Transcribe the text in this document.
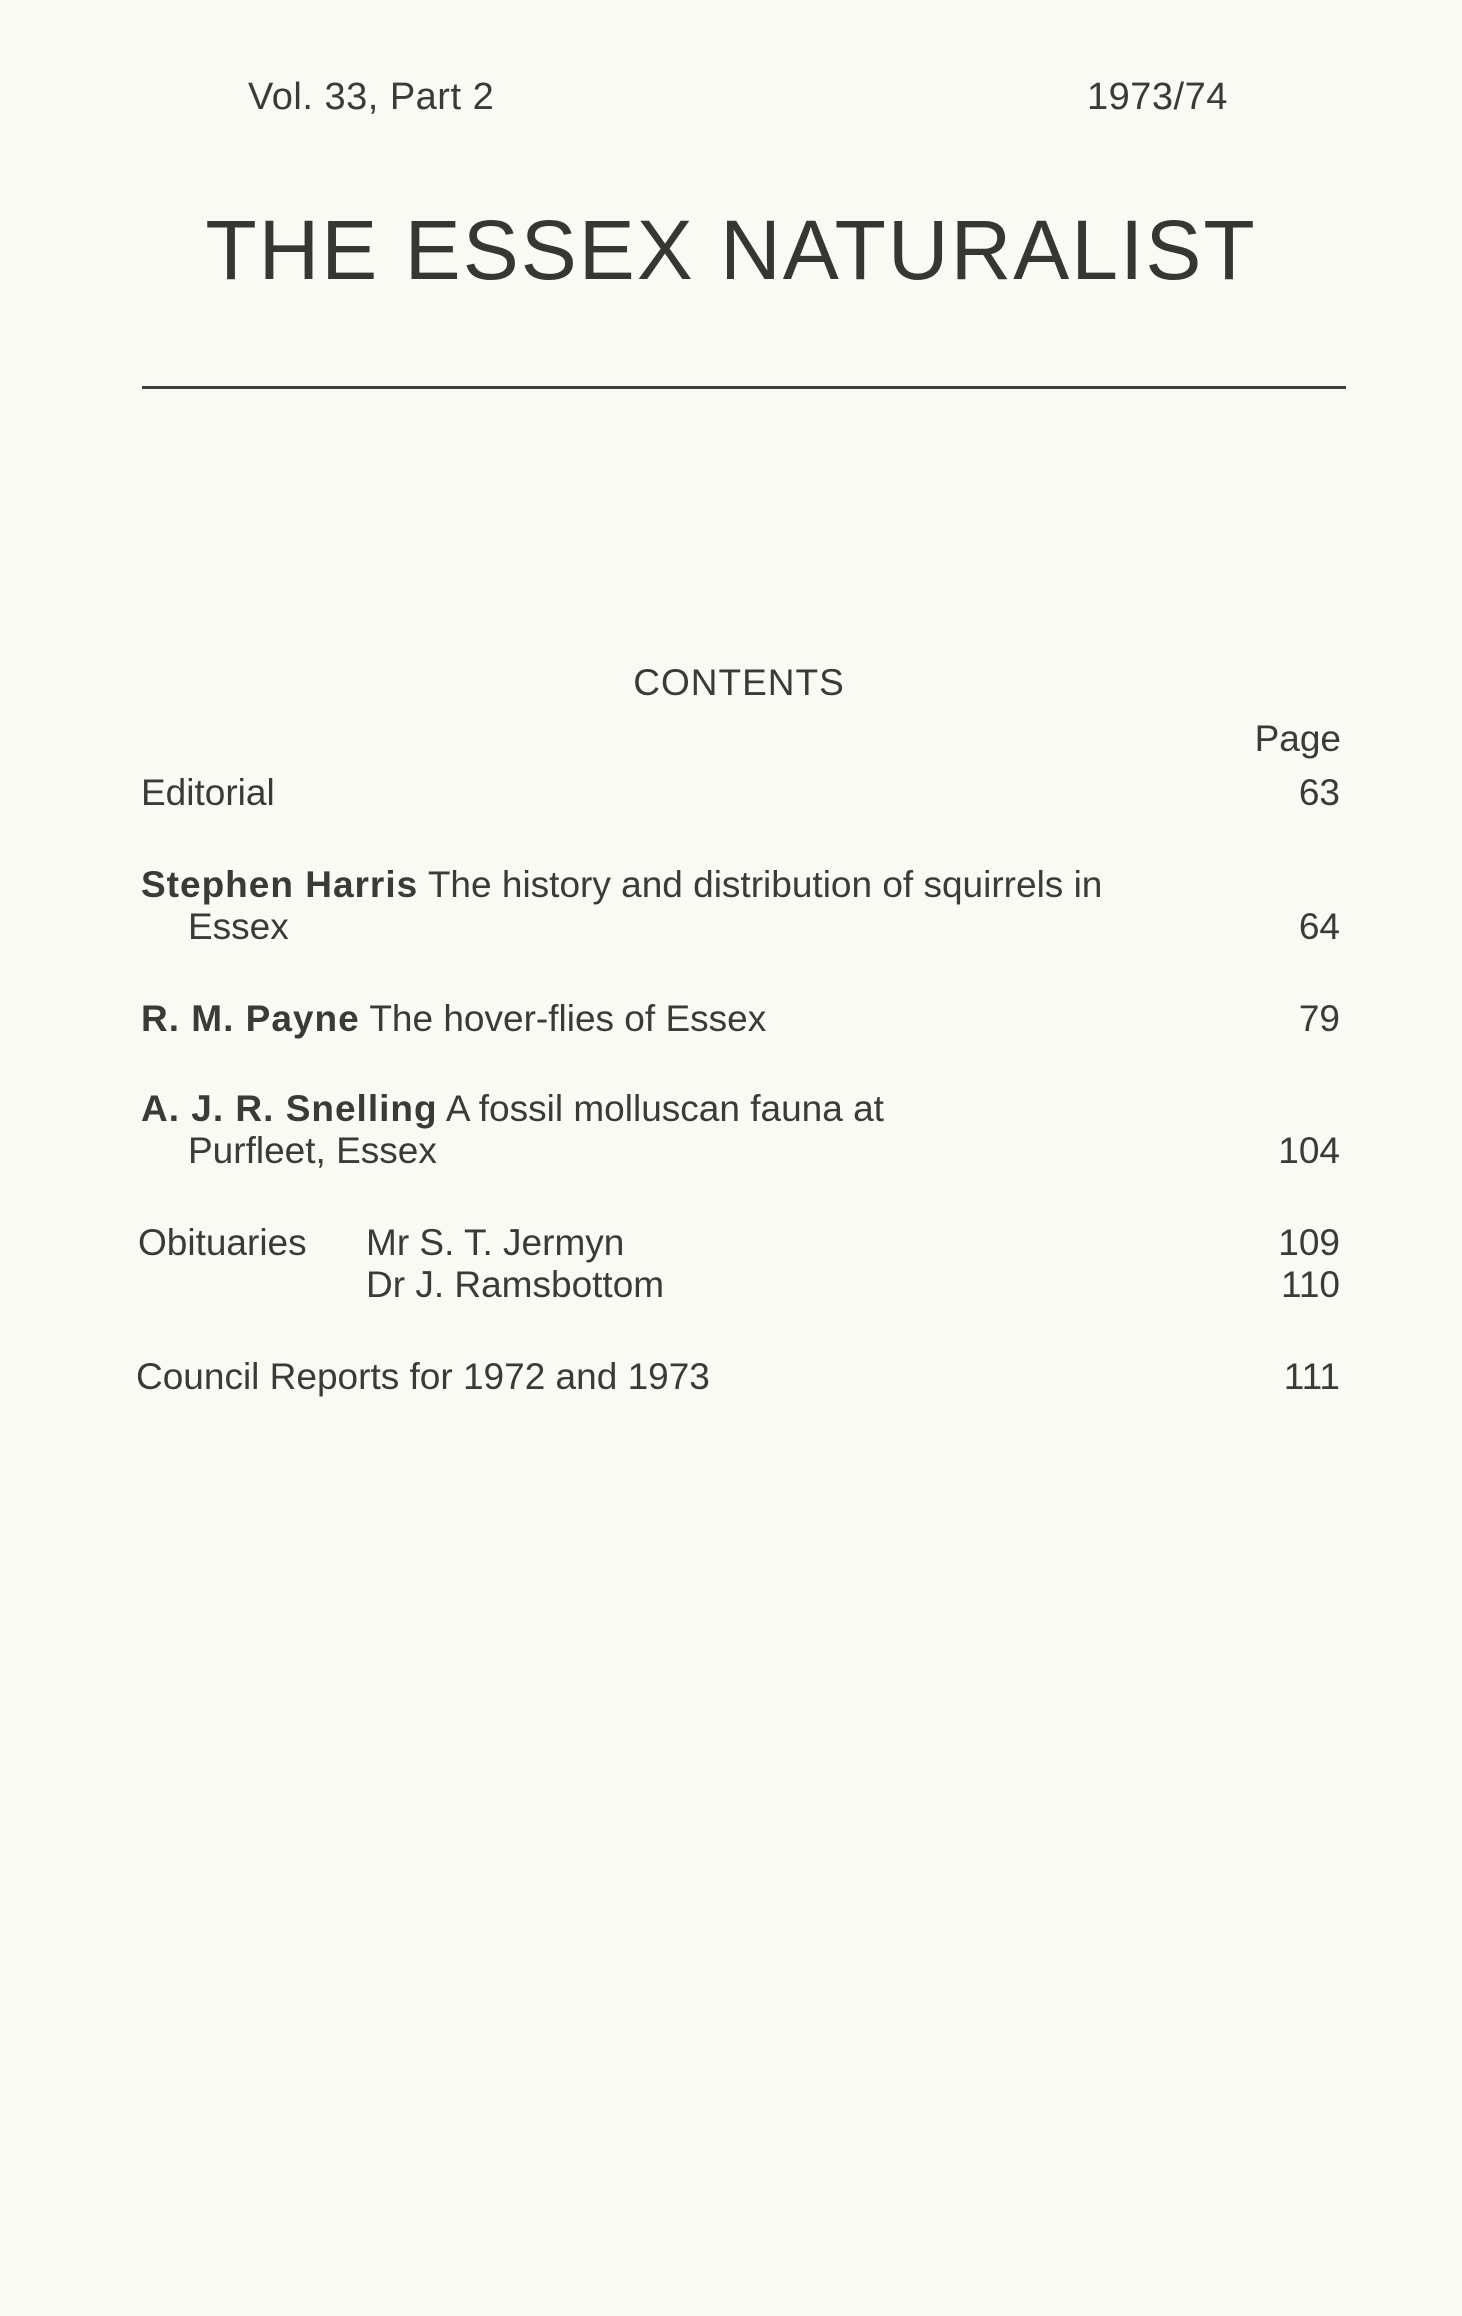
Vol. 33, Part 2	1973/74
THE ESSEX NATURALIST
CONTENTS
Page
Editorial	63
Stephen Harris The history and distribution of squirrels in
Essex	64
R. M. Payne The hover-flies of Essex	79
A. J. R. Snelling A fossil molluscan fauna at
Purfleet, Essex	104
Obituaries Mr S. T. Jermyn	109
Dr J. Ramsbottom	110
Council Reports for 1972 and 1973	111
